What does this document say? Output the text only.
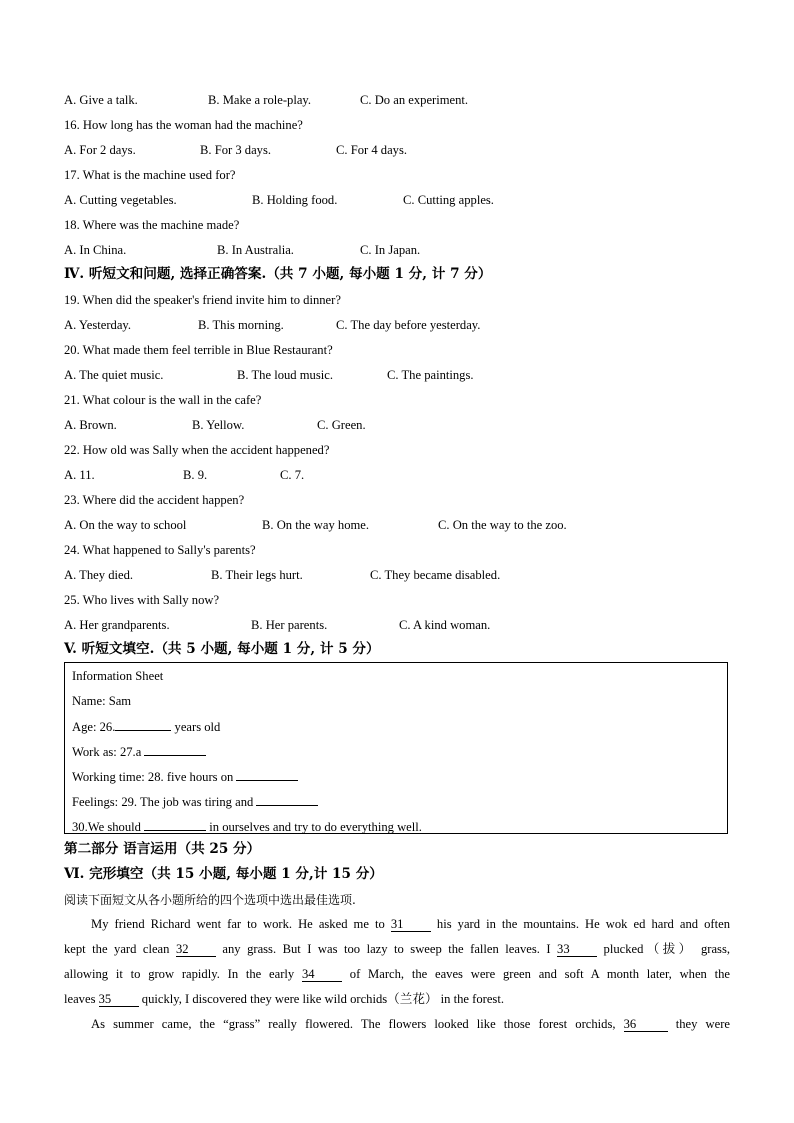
A. Give a talk.	B. Make a role-play.	C. Do an experiment.
16. How long has the woman had the machine?
A. For 2 days.	B. For 3 days.	C. For 4 days.
17. What is the machine used for?
A. Cutting vegetables.	B. Holding food.	C. Cutting apples.
18. Where was the machine made?
A. In China.	B. In Australia.	C. In Japan.
Ⅳ. 听短文和问题, 选择正确答案.（共 7 小题, 每小题 1 分, 计 7 分）
19. When did the speaker's friend invite him to dinner?
A. Yesterday.	B. This morning.	C. The day before yesterday.
20. What made them feel terrible in Blue Restaurant?
A. The quiet music.	B. The loud music.	C. The paintings.
21. What colour is the wall in the cafe?
A. Brown.	B. Yellow.	C. Green.
22. How old was Sally when the accident happened?
A. 11.	B. 9.	C. 7.
23. Where did the accident happen?
A. On the way to school	B. On the way home.	C. On the way to the zoo.
24. What happened to Sally's parents?
A. They died.	B. Their legs hurt.	C. They became disabled.
25. Who lives with Sally now?
A. Her grandparents.	B. Her parents.	C. A kind woman.
V. 听短文填空.（共 5 小题, 每小题 1 分, 计 5 分）
Information Sheet
Name: Sam
Age: 26.	years old
Work as: 27.a
Working time: 28. five hours on
Feelings: 29. The job was tiring and
30.We should	in ourselves and try to do everything well.
第二部分 语言运用（共 25 分）
Ⅵ. 完形填空（共 15 小题, 每小题 1 分,计 15 分）
阅读下面短文从各小题所给的四个选项中选出最佳选项.
My friend Richard went far to work. He asked me to 31 his yard in the mountains. He wok ed hard and often
kept the yard clean 32 any grass. But I was too lazy to sweep the fallen leaves. I 33 plucked（拔） grass,
allowing it to grow rapidly. In the early 34 of March, the eaves were green and soft A month later, when the
leaves 35 quickly, I discovered they were like wild orchids（兰花） in the forest.
As summer came, the “grass” really flowered. The flowers looked like those forest orchids, 36 they were
